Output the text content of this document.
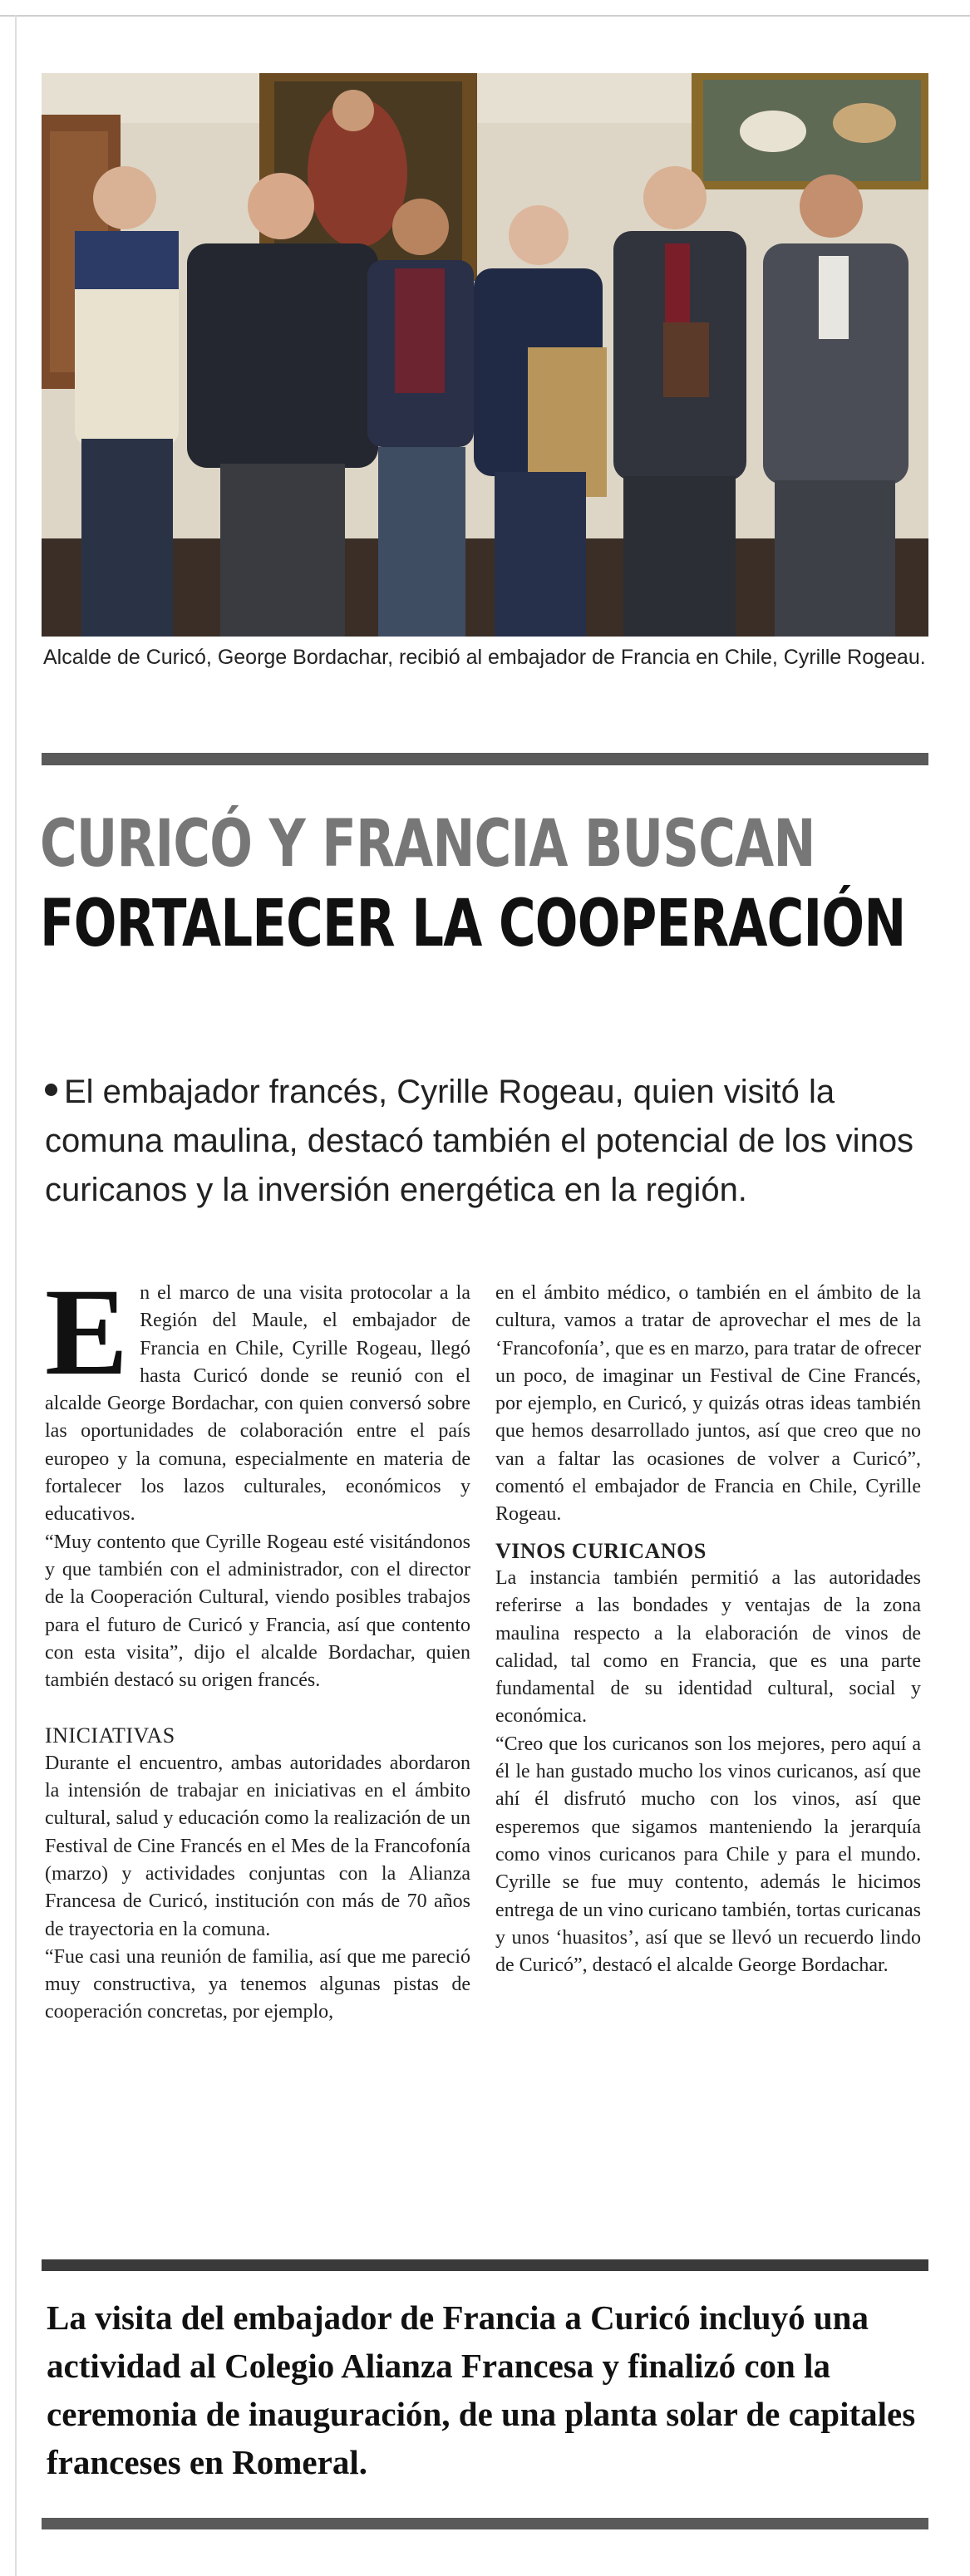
Alcalde de Curicó, George Bordachar, recibió al embajador de Francia en Chile, Cyrille Rogeau.
CURICÓ Y FRANCIA BUSCAN
FORTALECER LA COOPERACIÓN
El embajador francés, Cyrille Rogeau, quien visitó la comuna maulina, destacó también el potencial de los vinos curicanos y la inversión energética en la región.

En el marco de una visita protocolar a la Región del Maule, el embajador de Francia en Chile, Cyrille Rogeau, llegó hasta Curicó donde se reunió con el alcalde George Bordachar, con quien conversó sobre las oportunidades de colaboración entre el país europeo y la comuna, especialmente en materia de fortalecer los lazos culturales, económicos y educativos.

“Muy contento que Cyrille Rogeau esté visitándonos y que también con el administrador, con el director de la Cooperación Cultural, viendo posibles trabajos para el futuro de Curicó y Francia, así que contento con esta visita”, dijo el alcalde Bordachar, quien también destacó su origen francés.

INICIATIVAS

Durante el encuentro, ambas autoridades abordaron la intensión de trabajar en iniciativas en el ámbito cultural, salud y educación como la realización de un Festival de Cine Francés en el Mes de la Francofonía (marzo) y actividades conjuntas con la Alianza Francesa de Curicó, institución con más de 70 años de trayectoria en la comuna.

“Fue casi una reunión de familia, así que me pareció muy constructiva, ya tenemos algunas pistas de cooperación concretas, por ejemplo,

en el ámbito médico, o también en el ámbito de la cultura, vamos a tratar de aprovechar el mes de la ‘Francofonía’, que es en marzo, para tratar de ofrecer un poco, de imaginar un Festival de Cine Francés, por ejemplo, en Curicó, y quizás otras ideas también que hemos desarrollado juntos, así que creo que no van a faltar las ocasiones de volver a Curicó”, comentó el embajador de Francia en Chile, Cyrille Rogeau.

VINOS CURICANOS

La instancia también permitió a las autoridades referirse a las bondades y ventajas de la zona maulina respecto a la elaboración de vinos de calidad, tal como en Francia, que es una parte fundamental de su identidad cultural, social y económica.

“Creo que los curicanos son los mejores, pero aquí a él le han gustado mucho los vinos curicanos, así que ahí él disfrutó mucho con los vinos, así que esperemos que sigamos manteniendo la jerarquía como vinos curicanos para Chile y para el mundo. Cyrille se fue muy contento, además le hicimos entrega de un vino curicano también, tortas curicanas y unos ‘huasitos’, así que se llevó un recuerdo lindo de Curicó”, destacó el alcalde George Bordachar.

La visita del embajador de Francia a Curicó incluyó una actividad al Colegio Alianza Francesa y finalizó con la ceremonia de inauguración, de una planta solar de capitales franceses en Romeral.
